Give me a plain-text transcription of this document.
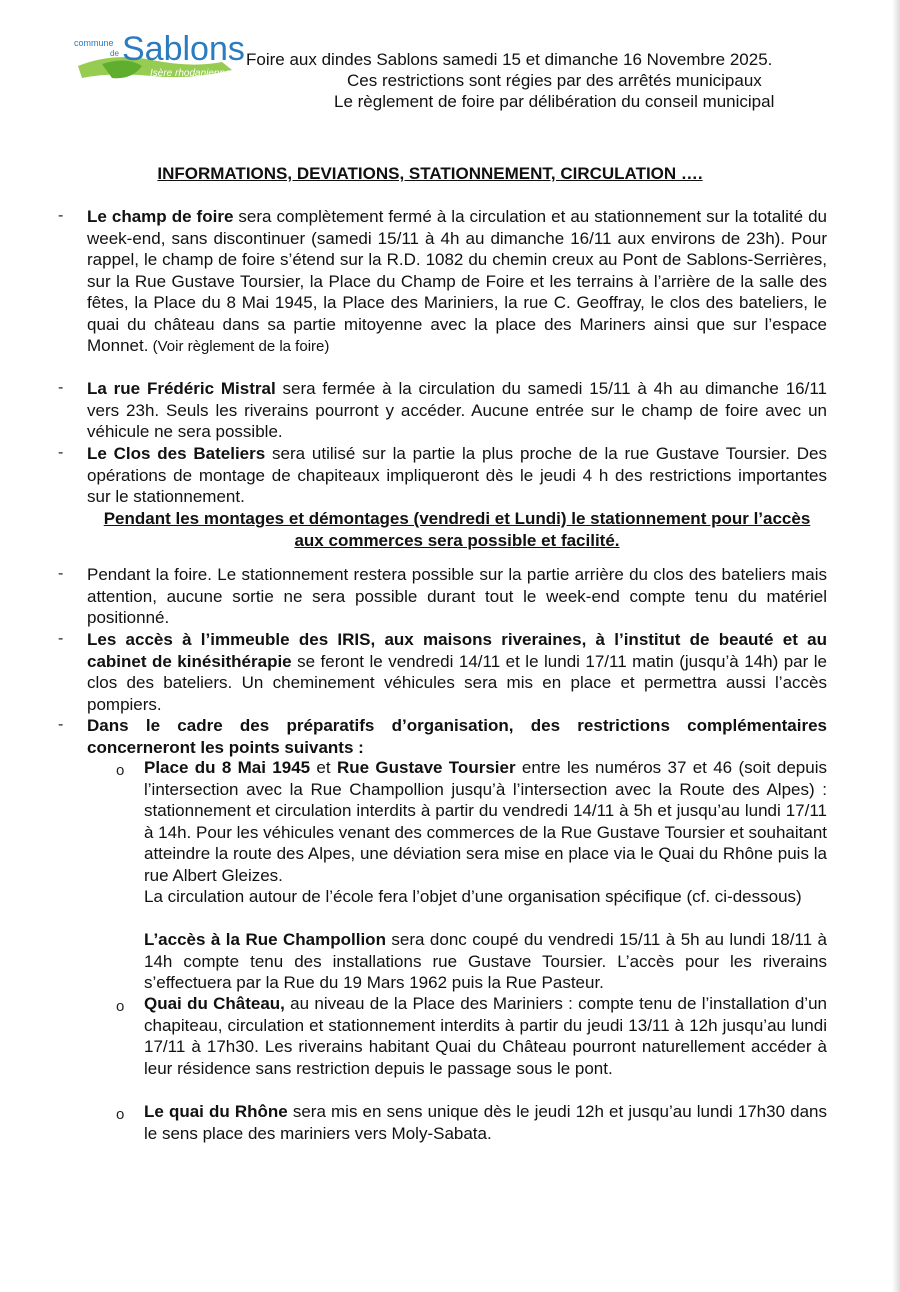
commune
de Sablons
Isère rhodanienne
Foire aux dindes Sablons samedi 15 et dimanche 16 Novembre 2025.
Ces restrictions sont régies par des arrêtés municipaux
Le règlement de foire par délibération du conseil municipal
INFORMATIONS, DEVIATIONS, STATIONNEMENT, CIRCULATION ….
- Le champ de foire sera complètement fermé à la circulation et au stationnement sur la totalité du week-end, sans discontinuer (samedi 15/11 à 4h au dimanche 16/11 aux environs de 23h). Pour rappel, le champ de foire s’étend sur la R.D. 1082 du chemin creux au Pont de Sablons-Serrières, sur la Rue Gustave Toursier, la Place du Champ de Foire et les terrains à l’arrière de la salle des fêtes, la Place du 8 Mai 1945, la Place des Mariniers, la rue C. Geoffray, le clos des bateliers, le quai du château dans sa partie mitoyenne avec la place des Mariners ainsi que sur l’espace Monnet. (Voir règlement de la foire)

- La rue Frédéric Mistral sera fermée à la circulation du samedi 15/11 à 4h au dimanche 16/11 vers 23h. Seuls les riverains pourront y accéder. Aucune entrée sur le champ de foire avec un véhicule ne sera possible.

- Le Clos des Bateliers sera utilisé sur la partie la plus proche de la rue Gustave Toursier. Des opérations de montage de chapiteaux impliqueront dès le jeudi 4 h des restrictions importantes sur le stationnement.

Pendant les montages et démontages (vendredi et Lundi) le stationnement pour l’accès aux commerces sera possible et facilité.

- Pendant la foire. Le stationnement restera possible sur la partie arrière du clos des bateliers mais attention, aucune sortie ne sera possible durant tout le week-end compte tenu du matériel positionné.

- Les accès à l’immeuble des IRIS, aux maisons riveraines, à l’institut de beauté et au cabinet de kinésithérapie se feront le vendredi 14/11 et le lundi 17/11 matin (jusqu’à 14h) par le clos des bateliers. Un cheminement véhicules sera mis en place et permettra aussi l’accès pompiers.

- Dans le cadre des préparatifs d’organisation, des restrictions complémentaires concerneront les points suivants :

o Place du 8 Mai 1945 et Rue Gustave Toursier entre les numéros 37 et 46 (soit depuis l’intersection avec la Rue Champollion jusqu’à l’intersection avec la Route des Alpes) : stationnement et circulation interdits à partir du vendredi 14/11 à 5h et jusqu’au lundi 17/11 à 14h. Pour les véhicules venant des commerces de la Rue Gustave Toursier et souhaitant atteindre la route des Alpes, une déviation sera mise en place via le Quai du Rhône puis la rue Albert Gleizes.

La circulation autour de l’école fera l’objet d’une organisation spécifique (cf. ci-dessous)

L’accès à la Rue Champollion sera donc coupé du vendredi 15/11 à 5h au lundi 18/11 à 14h compte tenu des installations rue Gustave Toursier. L’accès pour les riverains s’effectuera par la Rue du 19 Mars 1962 puis la Rue Pasteur.

o Quai du Château, au niveau de la Place des Mariniers : compte tenu de l’installation d’un chapiteau, circulation et stationnement interdits à partir du jeudi 13/11 à 12h jusqu’au lundi 17/11 à 17h30. Les riverains habitant Quai du Château pourront naturellement accéder à leur résidence sans restriction depuis le passage sous le pont.

o Le quai du Rhône sera mis en sens unique dès le jeudi 12h et jusqu’au lundi 17h30 dans le sens place des mariniers vers Moly-Sabata.
